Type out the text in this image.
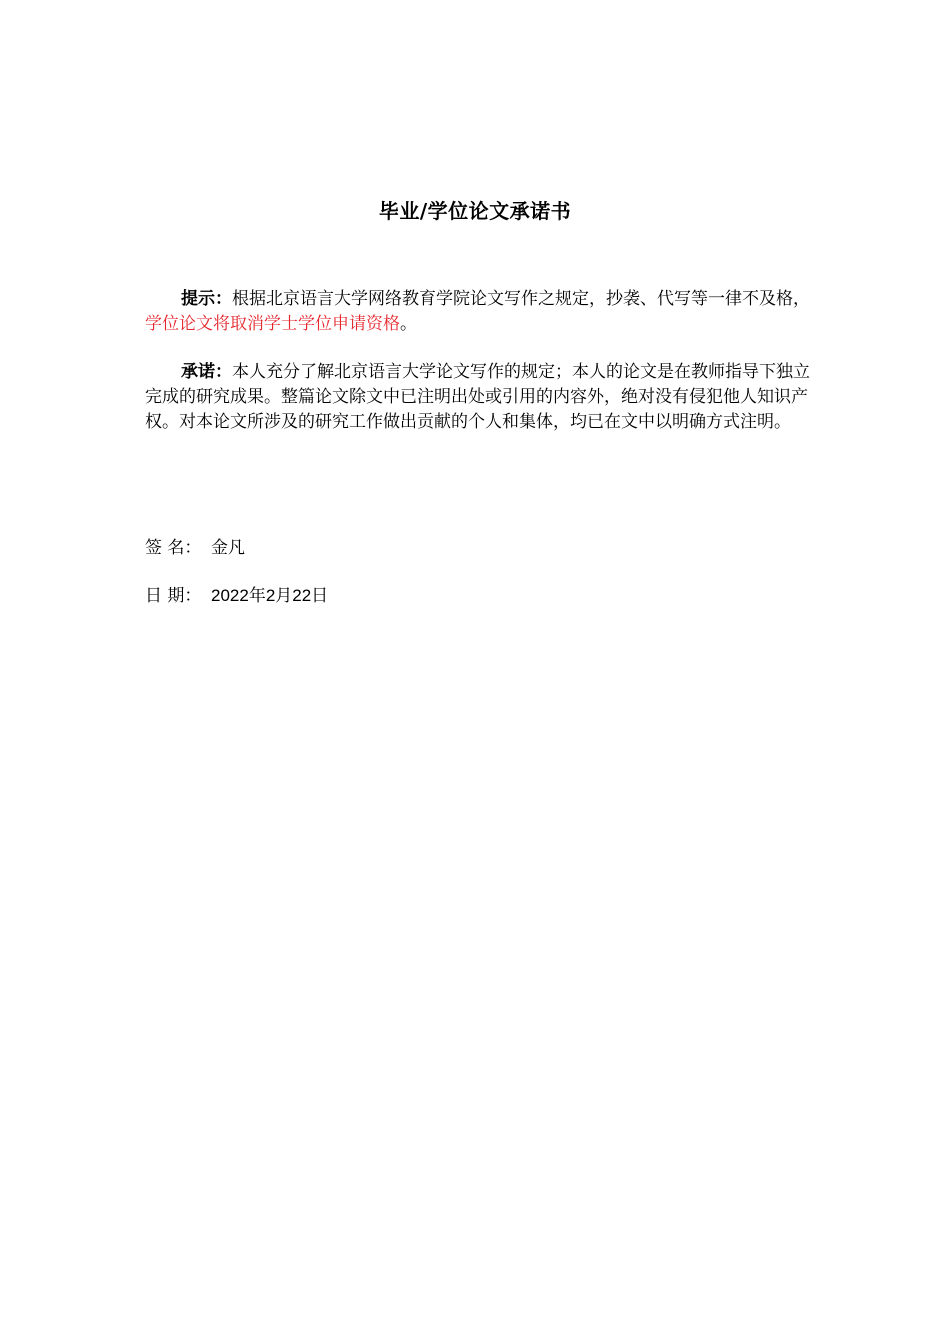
毕业/学位论文承诺书
提示：根据北京语言大学网络教育学院论文写作之规定，抄袭、代写等一律不及格，学位论文将取消学士学位申请资格。
承诺：本人充分了解北京语言大学论文写作的规定；本人的论文是在教师指导下独立完成的研究成果。整篇论文除文中已注明出处或引用的内容外，绝对没有侵犯他人知识产权。对本论文所涉及的研究工作做出贡献的个人和集体，均已在文中以明确方式注明。
签 名： 金凡
日 期： 2022年2月22日
